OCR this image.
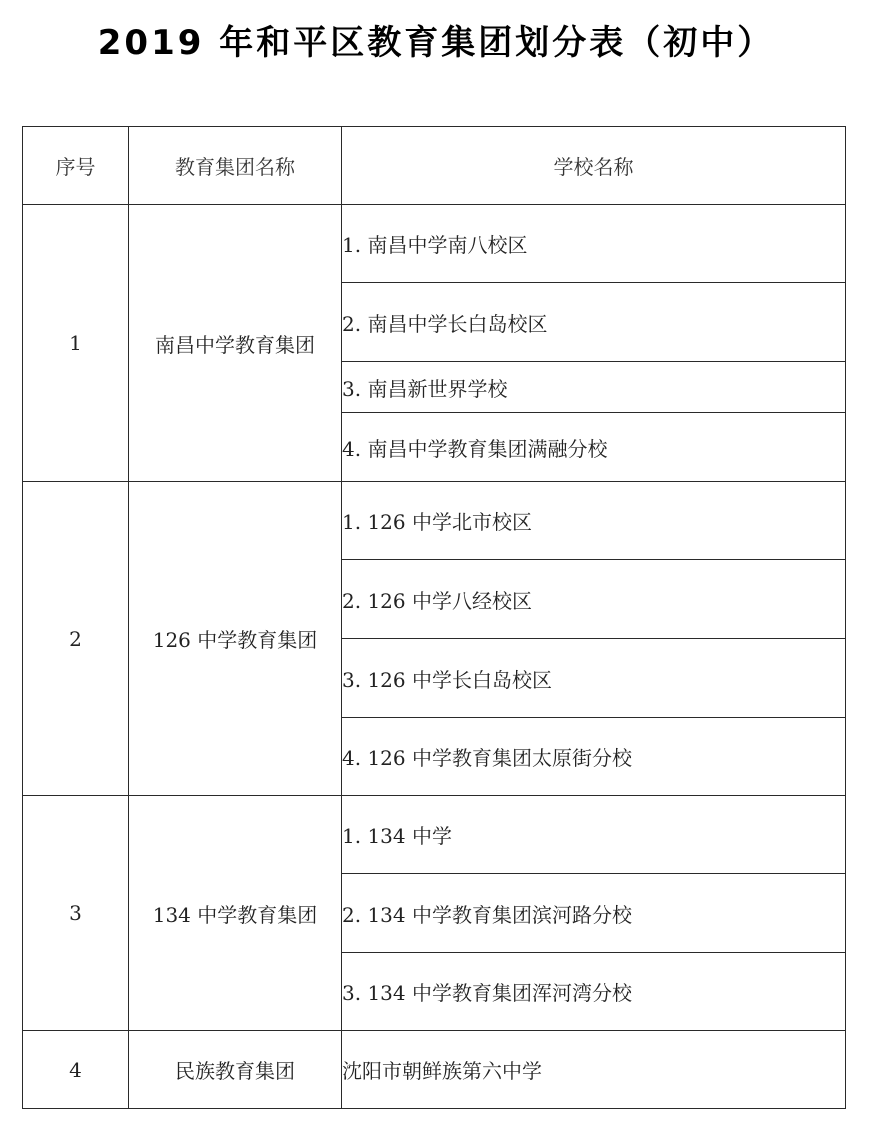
2019 年和平区教育集团划分表（初中）
序号	教育集团名称	学校名称
1	南昌中学教育集团	1. 南昌中学南八校区
		2. 南昌中学长白岛校区
		3. 南昌新世界学校
		4. 南昌中学教育集团满融分校
2	126 中学教育集团	1. 126 中学北市校区
		2. 126 中学八经校区
		3. 126 中学长白岛校区
		4. 126 中学教育集团太原街分校
3	134 中学教育集团	1. 134 中学
		2. 134 中学教育集团滨河路分校
		3. 134 中学教育集团浑河湾分校
4	民族教育集团	沈阳市朝鲜族第六中学
